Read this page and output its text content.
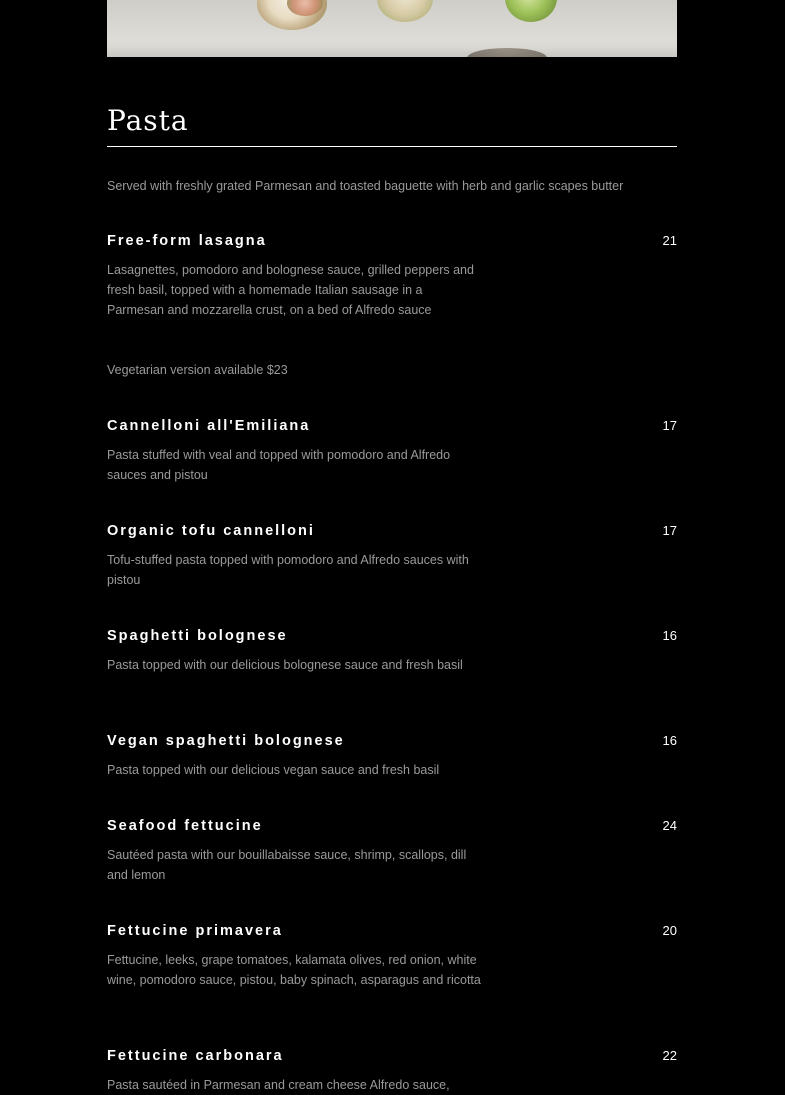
Pasta
Served with freshly grated Parmesan and toasted baguette with herb and garlic scapes butter
Free-form lasagna	21
Lasagnettes, pomodoro and bolognese sauce, grilled peppers and fresh basil, topped with a homemade Italian sausage in a Parmesan and mozzarella crust, on a bed of Alfredo sauce
Vegetarian version available $23
Cannelloni all'Emiliana	17
Pasta stuffed with veal and topped with pomodoro and Alfredo sauces and pistou
Organic tofu cannelloni	17
Tofu-stuffed pasta topped with pomodoro and Alfredo sauces with pistou
Spaghetti bolognese	16
Pasta topped with our delicious bolognese sauce and fresh basil
Vegan spaghetti bolognese	16
Pasta topped with our delicious vegan sauce and fresh basil
Seafood fettucine	24
Sautéed pasta with our bouillabaisse sauce, shrimp, scallops, dill and lemon
Fettucine primavera	20
Fettucine, leeks, grape tomatoes, kalamata olives, red onion, white wine, pomodoro sauce, pistou, baby spinach, asparagus and ricotta
Fettucine carbonara	22
Pasta sautéed in Parmesan and cream cheese Alfredo sauce,
